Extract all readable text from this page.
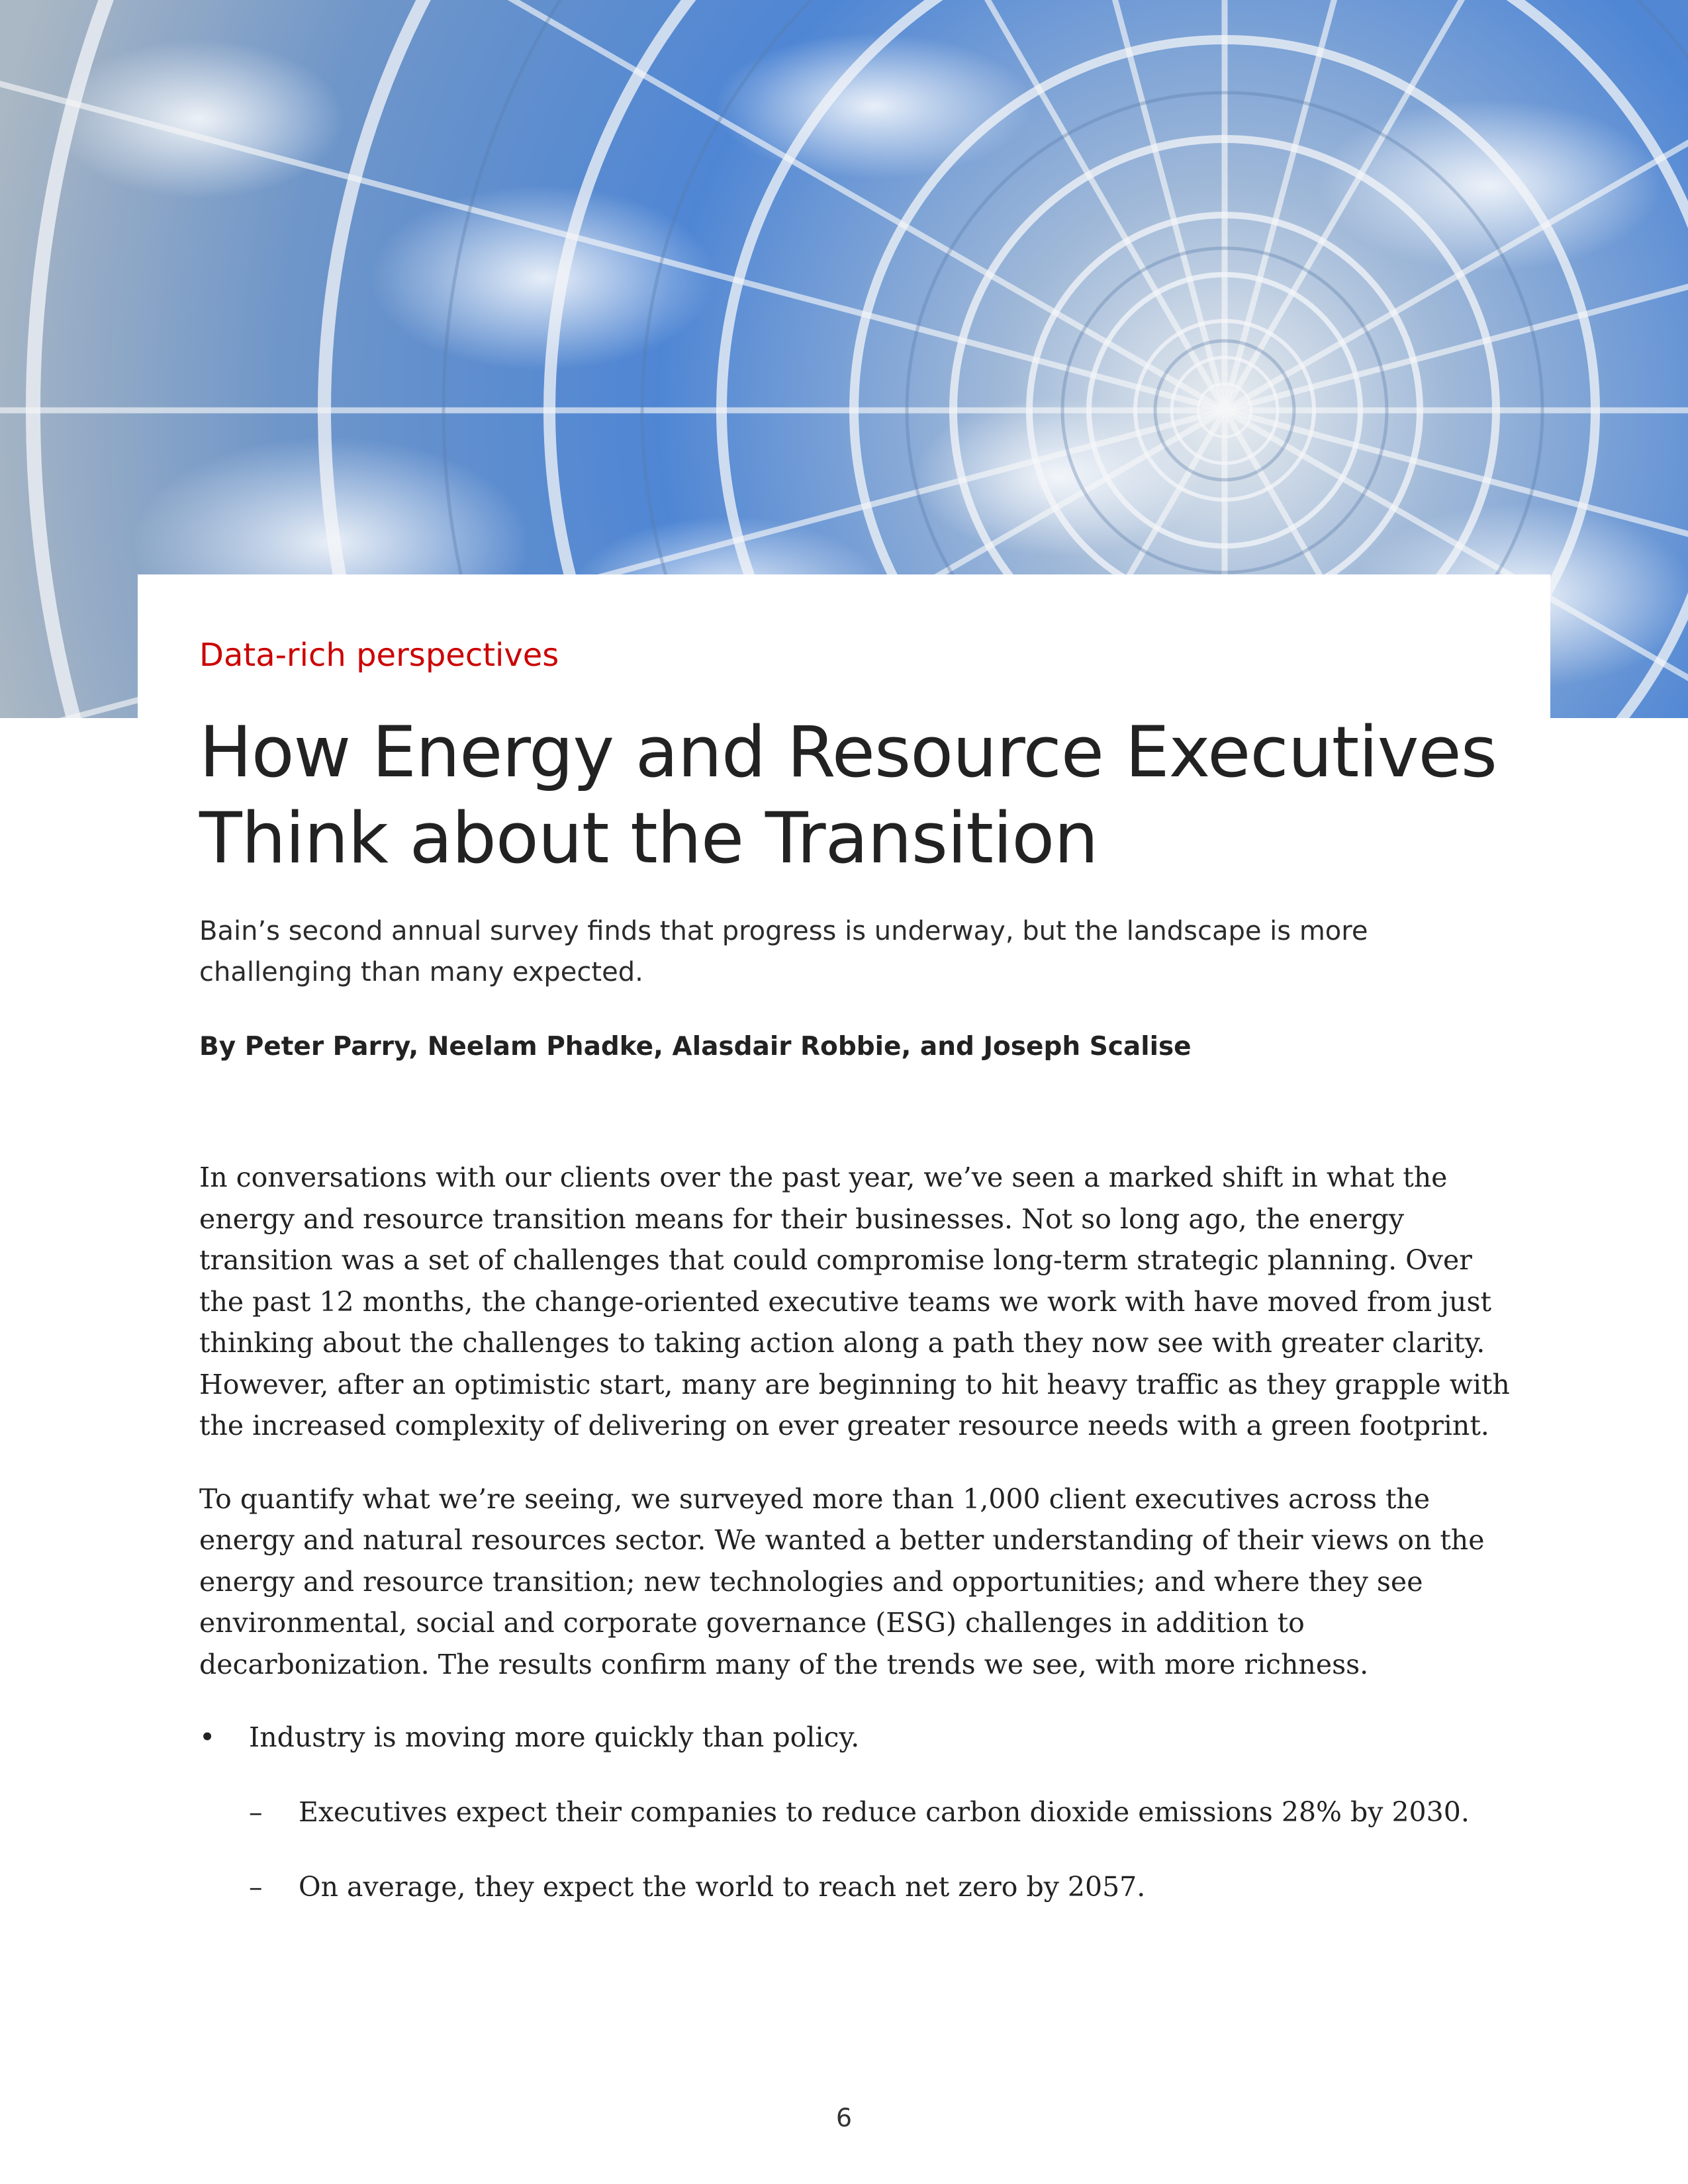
Data-rich perspectives

How Energy and Resource Executives Think about the Transition

Bain’s second annual survey finds that progress is underway, but the landscape is more challenging than many expected.

By Peter Parry, Neelam Phadke, Alasdair Robbie, and Joseph Scalise

In conversations with our clients over the past year, we’ve seen a marked shift in what the energy and resource transition means for their businesses. Not so long ago, the energy transition was a set of challenges that could compromise long-term strategic planning. Over the past 12 months, the change-oriented executive teams we work with have moved from just thinking about the challenges to taking action along a path they now see with greater clarity. However, after an optimistic start, many are beginning to hit heavy traffic as they grapple with the increased complexity of delivering on ever greater resource needs with a green footprint.

To quantify what we’re seeing, we surveyed more than 1,000 client executives across the energy and natural resources sector. We wanted a better understanding of their views on the energy and resource transition; new technologies and opportunities; and where they see environmental, social and corporate governance (ESG) challenges in addition to decarbonization. The results confirm many of the trends we see, with more richness.

• Industry is moving more quickly than policy.
– Executives expect their companies to reduce carbon dioxide emissions 28% by 2030.
– On average, they expect the world to reach net zero by 2057.

6
